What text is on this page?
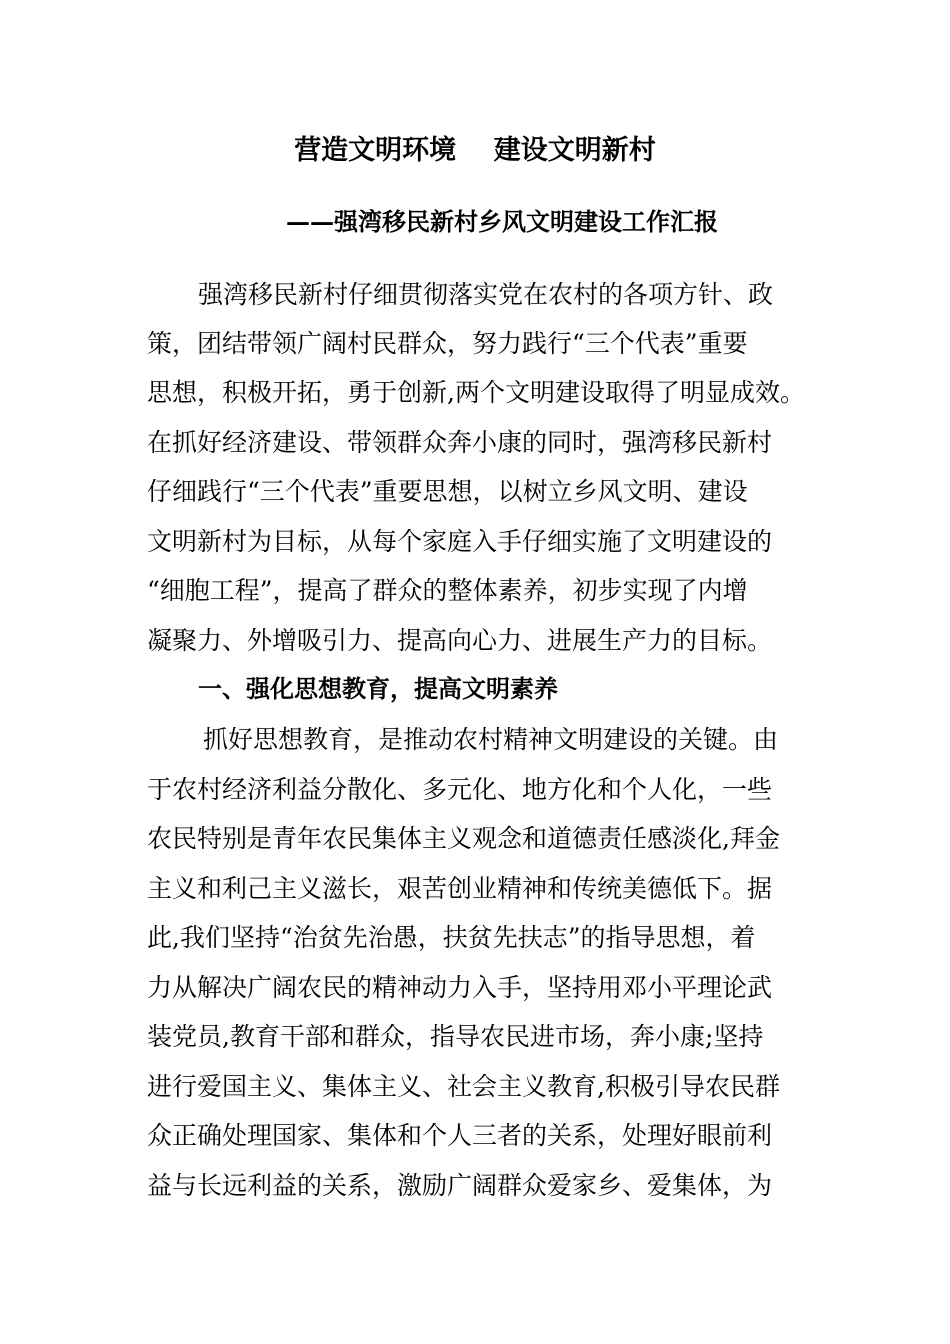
营造文明环境    建设文明新村
——强湾移民新村乡风文明建设工作汇报
强湾移民新村仔细贯彻落实党在农村的各项方针、政
策，团结带领广阔村民群众，努力践行“三个代表”重要
思想，积极开拓，勇于创新,两个文明建设取得了明显成效。
在抓好经济建设、带领群众奔小康的同时，强湾移民新村
仔细践行“三个代表”重要思想，以树立乡风文明、建设
文明新村为目标，从每个家庭入手仔细实施了文明建设的
“细胞工程”，提高了群众的整体素养，初步实现了内增
凝聚力、外增吸引力、提高向心力、进展生产力的目标。
一、强化思想教育，提高文明素养
抓好思想教育，是推动农村精神文明建设的关键。由
于农村经济利益分散化、多元化、地方化和个人化，一些
农民特别是青年农民集体主义观念和道德责任感淡化,拜金
主义和利己主义滋长，艰苦创业精神和传统美德低下。据
此,我们坚持“治贫先治愚，扶贫先扶志”的指导思想，着
力从解决广阔农民的精神动力入手，坚持用邓小平理论武
装党员,教育干部和群众，指导农民进市场，奔小康;坚持
进行爱国主义、集体主义、社会主义教育,积极引导农民群
众正确处理国家、集体和个人三者的关系，处理好眼前利
益与长远利益的关系，激励广阔群众爱家乡、爱集体，为
